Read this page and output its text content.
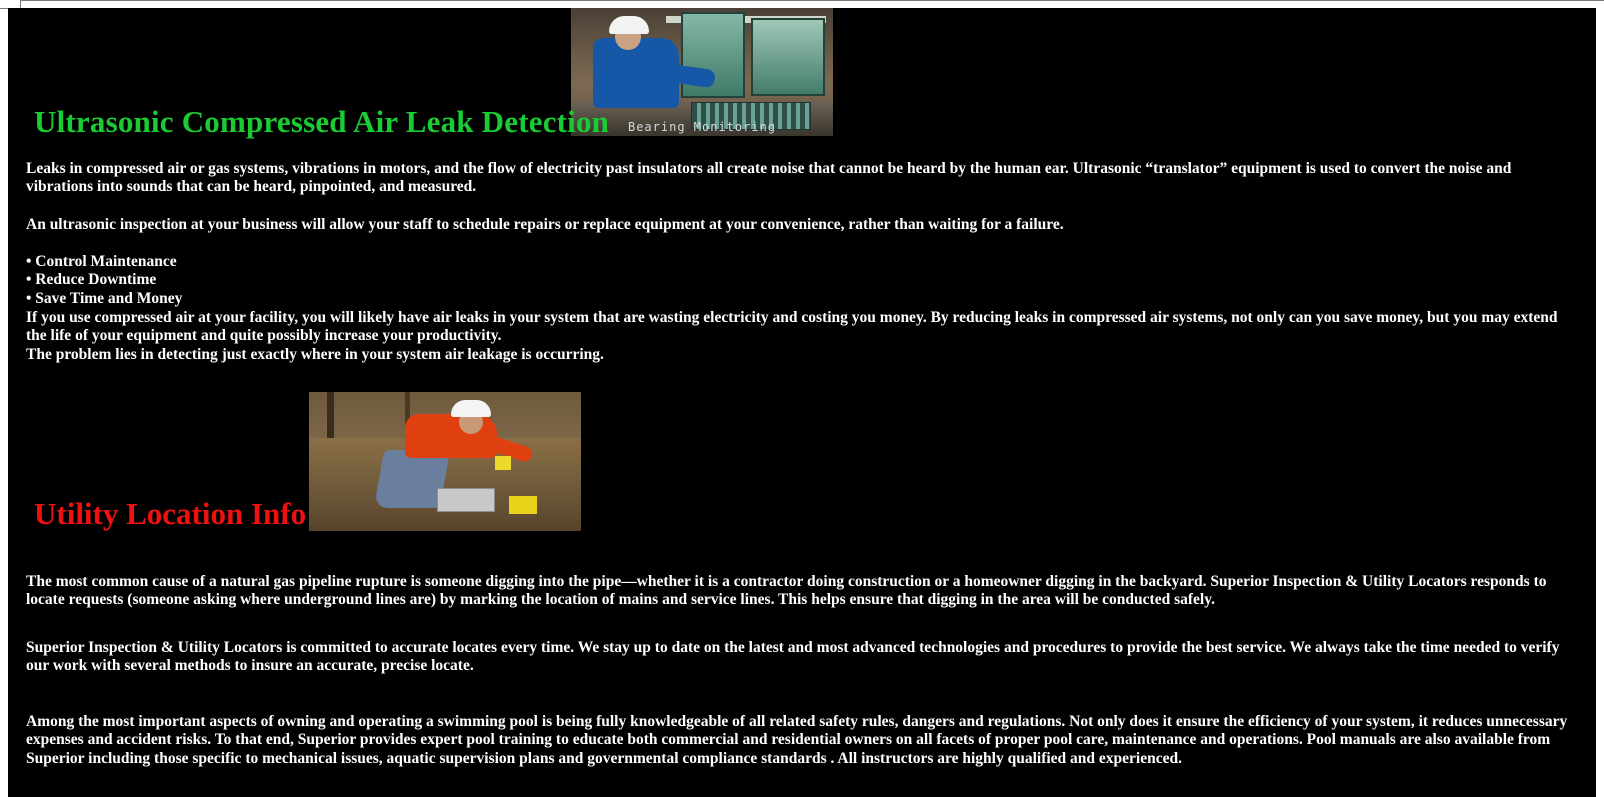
Bearing Monitoring
Ultrasonic Compressed Air Leak Detection
Leaks in compressed air or gas systems, vibrations in motors, and the flow of electricity past insulators all create noise that cannot be heard by the human ear. Ultrasonic “translator” equipment is used to convert the noise and vibrations into sounds that can be heard, pinpointed, and measured.
An ultrasonic inspection at your business will allow your staff to schedule repairs or replace equipment at your convenience, rather than waiting for a failure.
• Control Maintenance
• Reduce Downtime
• Save Time and Money
If you use compressed air at your facility, you will likely have air leaks in your system that are wasting electricity and costing you money. By reducing leaks in compressed air systems, not only can you save money, but you may extend the life of your equipment and quite possibly increase your productivity.
The problem lies in detecting just exactly where in your system air leakage is occurring.
Utility Location Info
The most common cause of a natural gas pipeline rupture is someone digging into the pipe—whether it is a contractor doing construction or a homeowner digging in the backyard. Superior Inspection & Utility Locators responds to locate requests (someone asking where underground lines are) by marking the location of mains and service lines. This helps ensure that digging in the area will be conducted safely.
Superior Inspection & Utility Locators is committed to accurate locates every time. We stay up to date on the latest and most advanced technologies and procedures to provide the best service. We always take the time needed to verify our work with several methods to insure an accurate, precise locate.
Among the most important aspects of owning and operating a swimming pool is being fully knowledgeable of all related safety rules, dangers and regulations. Not only does it ensure the efficiency of your system, it reduces unnecessary expenses and accident risks. To that end, Superior provides expert pool training to educate both commercial and residential owners on all facets of proper pool care, maintenance and operations. Pool manuals are also available from Superior including those specific to mechanical issues, aquatic supervision plans and governmental compliance standards . All instructors are highly qualified and experienced.
